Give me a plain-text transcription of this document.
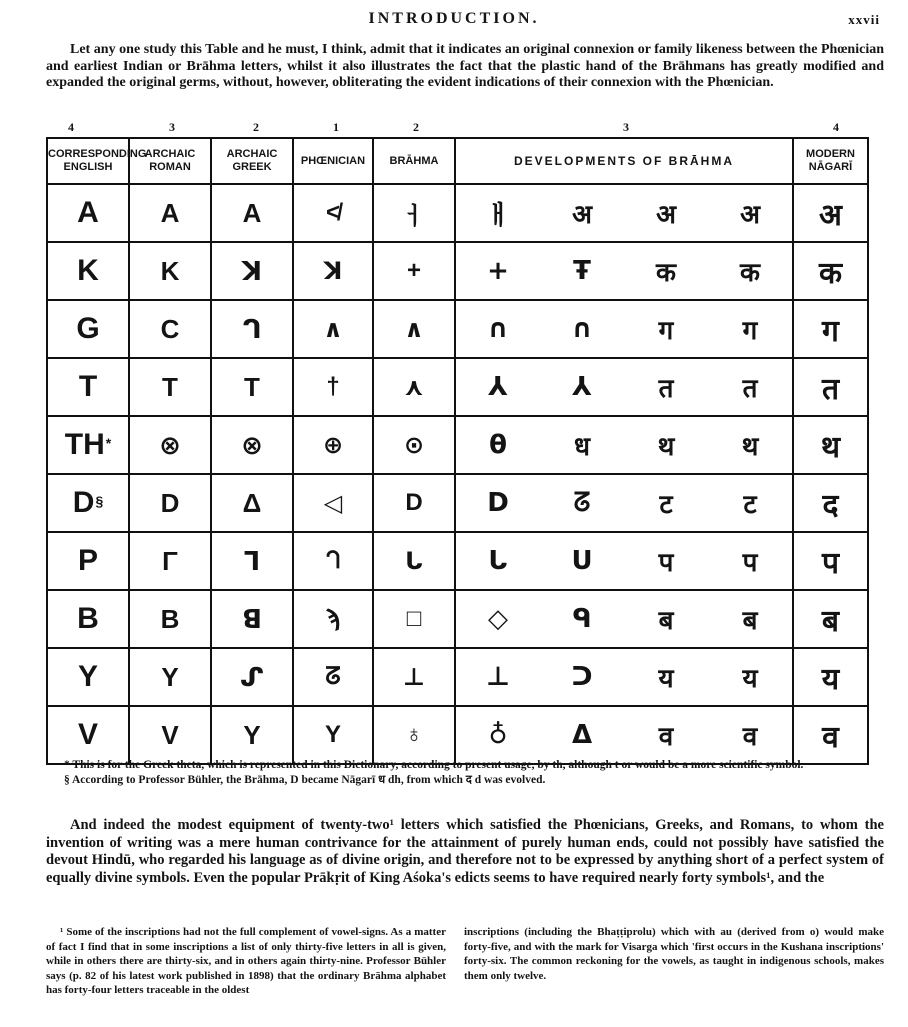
INTRODUCTION.	xxvii

Let any one study this Table and he must, I think, admit that it indicates an original connexion or family likeness between the Phœnician and earliest Indian or Brāhma letters, whilst it also illustrates the fact that the plastic hand of the Brāhmans has greatly modified and expanded the original germs, without, however, obliterating the evident indications of their connexion with the Phœnician.

4	3	2	1	2	3	4
CORRESPONDING ENGLISH	ARCHAIC ROMAN	ARCHAIC GREEK	PHŒNICIAN	BRĀHMA	DEVELOPMENTS OF BRĀHMA	MODERN NĀGARĪ
A	A	A	≮	ㅓ	ㅐ अ अ अ	अ
K	K	ꓘ	ꓘ	+	+ Ŧ क क	क
G	C	ᒉ	∧	∧	∩ ∩ ग ग	ग
T	T	T	†	⋏	⅄ ⅄ त त	त
TH*	⊗	⊗	⊕	⊙	θ ध थ थ	थ
D§	D	Δ	◁	D	D ᘔ ट ट	द
P	Γ	ᒣ	ᘃ	ᒐ	ᒐ ᑌ प प	प
B	B	ꓭ	ϡ	□	◇ ᑫ ब ब	ब
Y	Y	ᔑ	ᘔ	⊥	⊥ ᑐ य य	य
V	V	Y	Y	♁	♁ Δ व व	व

* This is for the Greek theta, which is represented in this Dictionary, according to present usage, by th, although t or would be a more scientific symbol.

§ According to Professor Bühler, the Brāhma, D became Nāgarī ध dh, from which द d was evolved.

And indeed the modest equipment of twenty-two¹ letters which satisfied the Phœnicians, Greeks, and Romans, to whom the invention of writing was a mere human contrivance for the attainment of purely human ends, could not possibly have satisfied the devout Hindū, who regarded his language as of divine origin, and therefore not to be expressed by anything short of a perfect system of equally divine symbols. Even the popular Prākṛit of King Aśoka's edicts seems to have required nearly forty symbols¹, and the

¹ Some of the inscriptions had not the full complement of vowel-signs. As a matter of fact I find that in some inscriptions a list of only thirty-five letters in all is given, while in others there are thirty-six, and in others again thirty-nine. Professor Bühler says (p. 82 of his latest work published in 1898) that the ordinary Brāhma alphabet has forty-four letters traceable in the oldest
inscriptions (including the Bhaṭṭiprolu) which with au (derived from o) would make forty-five, and with the mark for Visarga which 'first occurs in the Kushana inscriptions' forty-six. The common reckoning for the vowels, as taught in indigenous schools, makes them only twelve.
